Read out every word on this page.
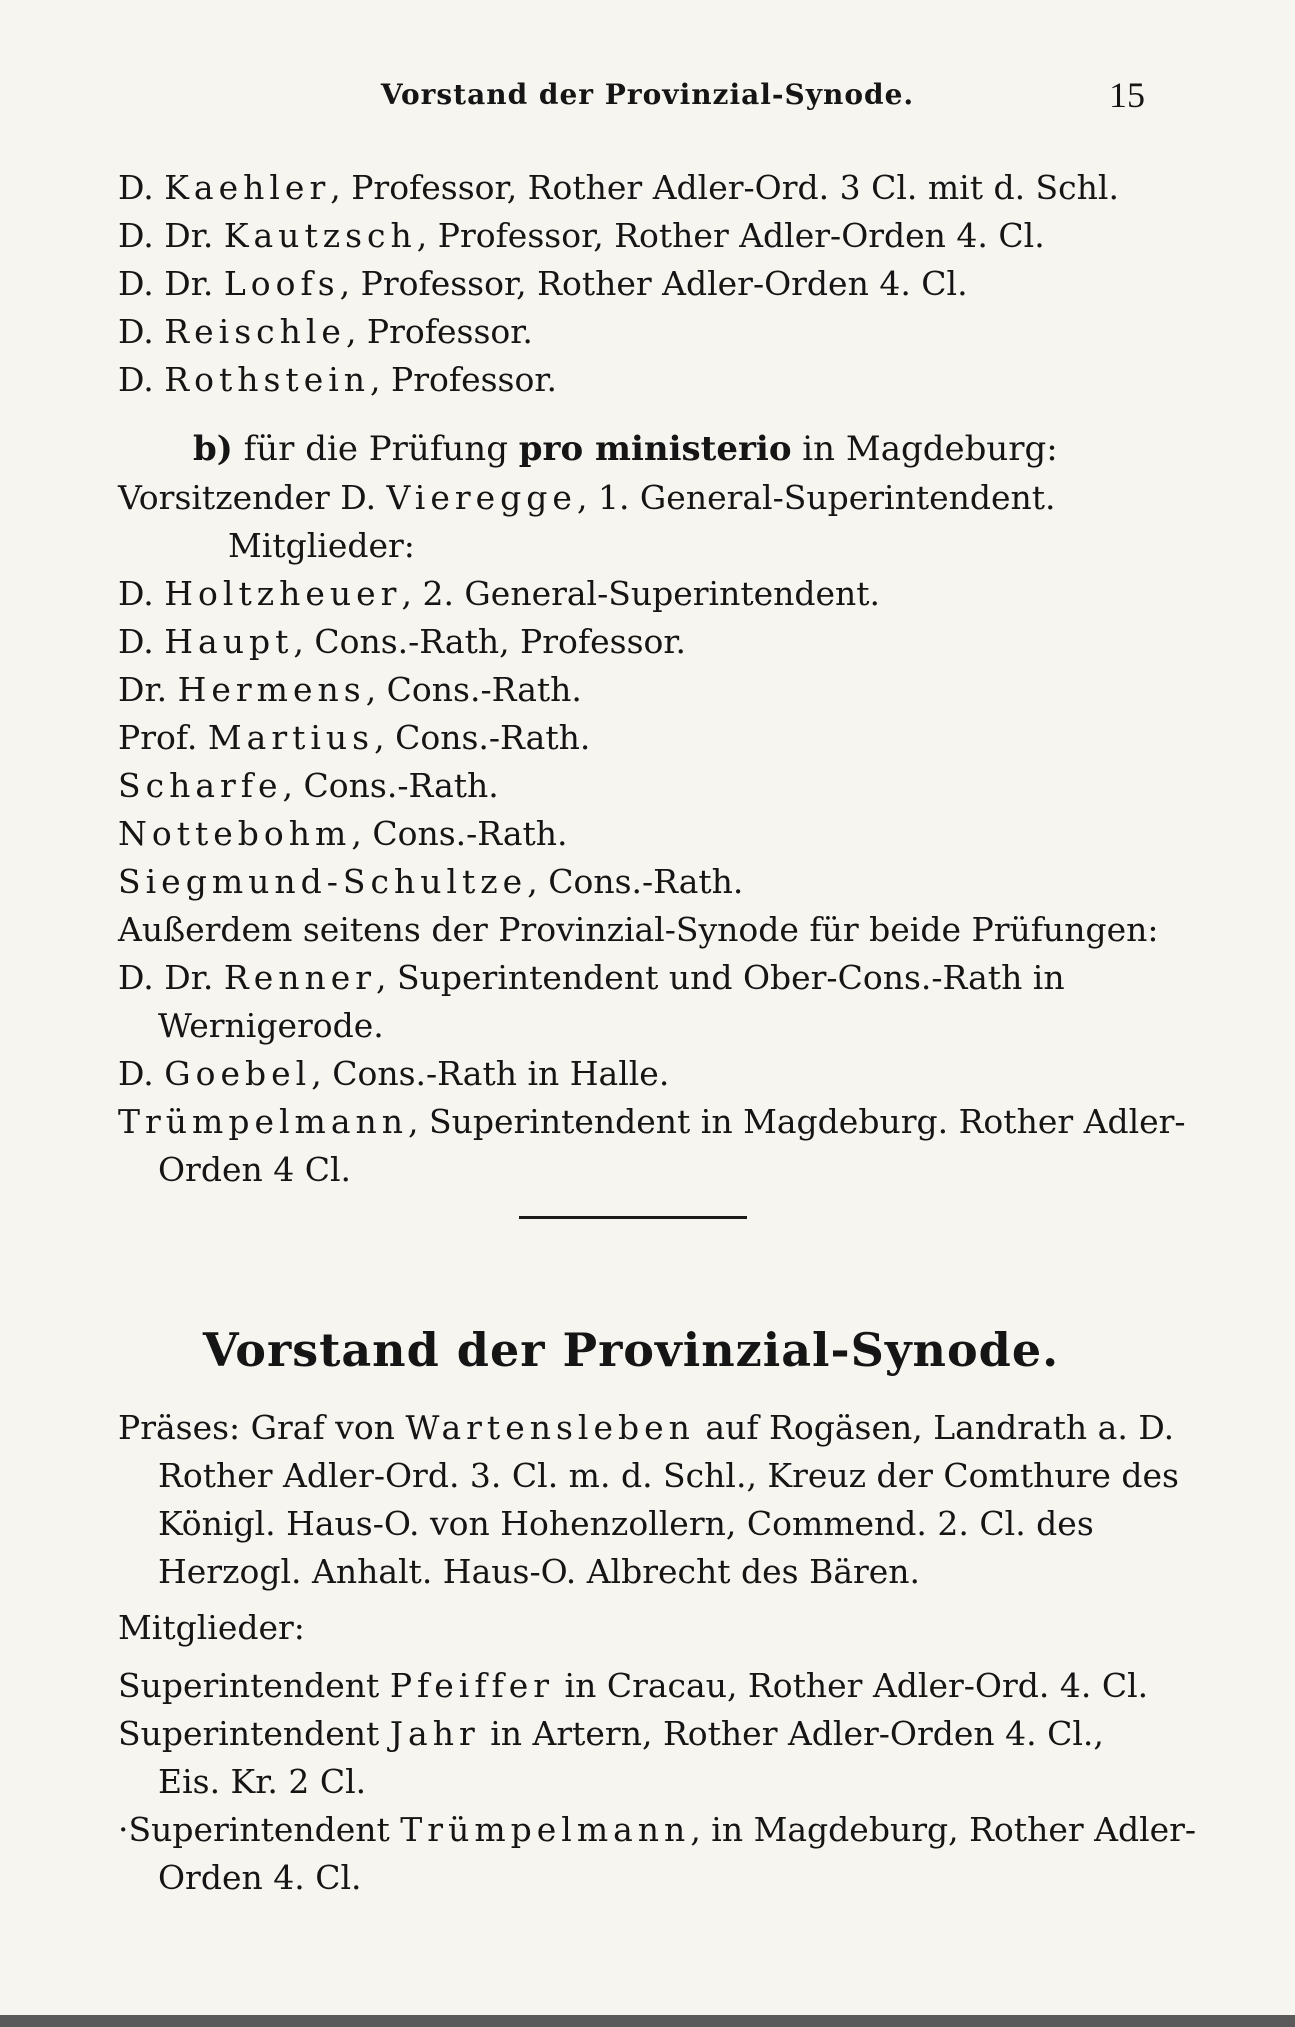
Vorstand der Provinzial-Synode.	15
D. Kaehler, Professor, Rother Adler-Ord. 3 Cl. mit d. Schl.
D. Dr. Kautzsch, Professor, Rother Adler-Orden 4. Cl.
D. Dr. Loofs, Professor, Rother Adler-Orden 4. Cl.
D. Reischle, Professor.
D. Rothstein, Professor.
b) für die Prüfung pro ministerio in Magdeburg:
Vorsitzender D. Vieregge, 1. General-Superintendent.
Mitglieder:
D. Holtzheuer, 2. General-Superintendent.
D. Haupt, Cons.-Rath, Professor.
Dr. Hermens, Cons.-Rath.
Prof. Martius, Cons.-Rath.
Scharfe, Cons.-Rath.
Nottebohm, Cons.-Rath.
Siegmund-Schultze, Cons.-Rath.
Außerdem seitens der Provinzial-Synode für beide Prüfungen:
D. Dr. Renner, Superintendent und Ober-Cons.-Rath in
Wernigerode.
D. Goebel, Cons.-Rath in Halle.
Trümpelmann, Superintendent in Magdeburg. Rother Adler-
Orden 4 Cl.
Vorstand der Provinzial-Synode.
Präses: Graf von Wartensleben auf Rogäsen, Landrath a. D.
Rother Adler-Ord. 3. Cl. m. d. Schl., Kreuz der Comthure des
Königl. Haus-O. von Hohenzollern, Commend. 2. Cl. des
Herzogl. Anhalt. Haus-O. Albrecht des Bären.
Mitglieder:
Superintendent Pfeiffer in Cracau, Rother Adler-Ord. 4. Cl.
Superintendent Jahr in Artern, Rother Adler-Orden 4. Cl.,
Eis. Kr. 2 Cl.
·Superintendent Trümpelmann, in Magdeburg, Rother Adler-
Orden 4. Cl.
